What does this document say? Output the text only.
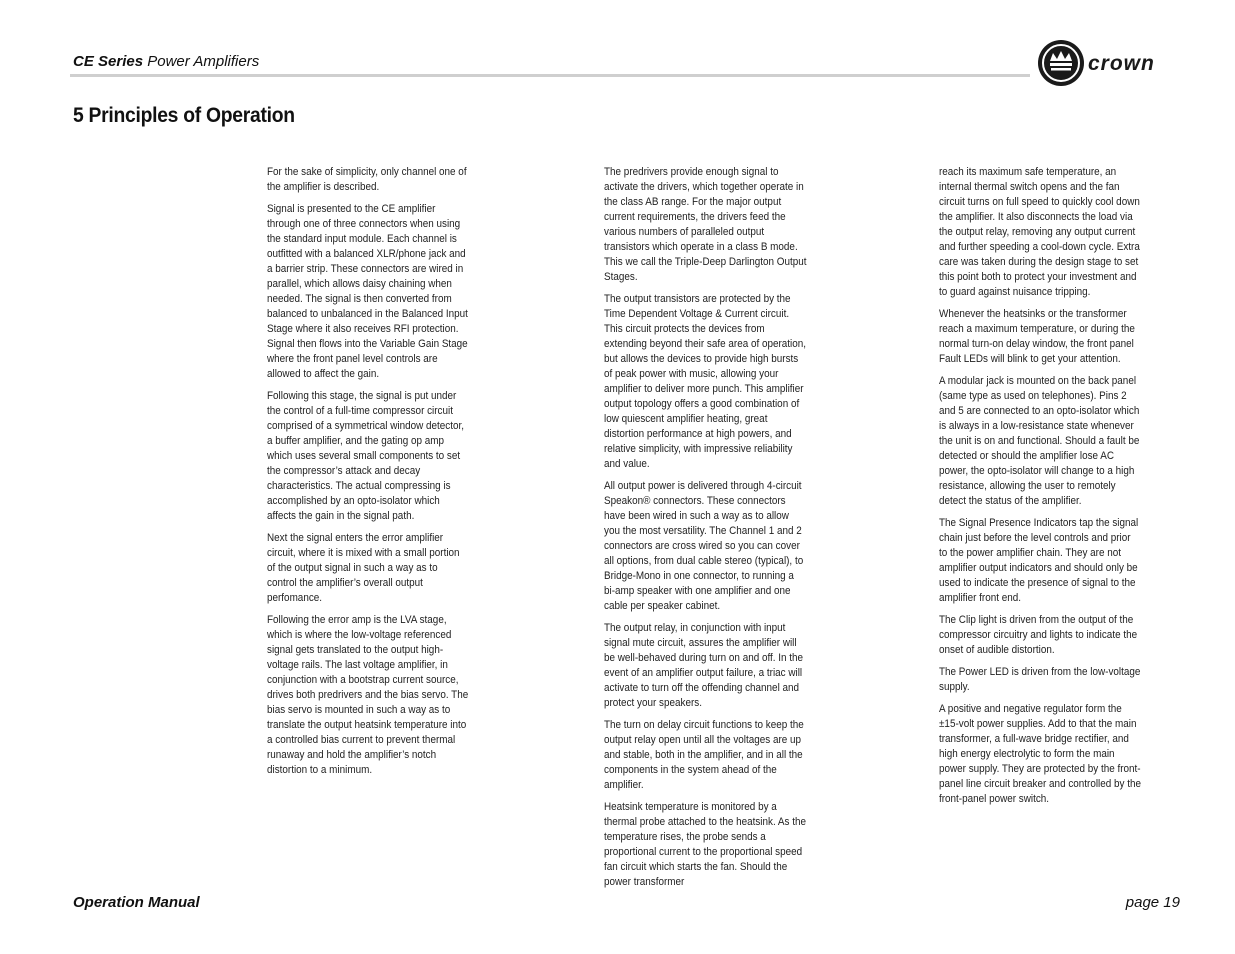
CE Series Power Amplifiers	crown
5 Principles of Operation

For the sake of simplicity, only channel one of the amplifier is described.

Signal is presented to the CE amplifier through one of three connectors when using the standard input module. Each channel is outfitted with a balanced XLR/phone jack and a barrier strip. These connectors are wired in parallel, which allows daisy chaining when needed. The signal is then converted from balanced to unbalanced in the Balanced Input Stage where it also receives RFI protection. Signal then flows into the Variable Gain Stage where the front panel level controls are allowed to affect the gain.

Following this stage, the signal is put under the control of a full-time compressor circuit comprised of a symmetrical window detector, a buffer amplifier, and the gating op amp which uses several small components to set the compressor’s attack and decay characteristics. The actual compressing is accomplished by an opto-isolator which affects the gain in the signal path.

Next the signal enters the error amplifier circuit, where it is mixed with a small portion of the output signal in such a way as to control the amplifier’s overall output perfomance.

Following the error amp is the LVA stage, which is where the low-voltage referenced signal gets translated to the output high-voltage rails. The last voltage amplifier, in conjunction with a bootstrap current source, drives both predrivers and the bias servo. The bias servo is mounted in such a way as to translate the output heatsink temperature into a controlled bias current to prevent thermal runaway and hold the amplifier’s notch distortion to a minimum.

The predrivers provide enough signal to activate the drivers, which together operate in the class AB range. For the major output current requirements, the drivers feed the various numbers of paralleled output transistors which operate in a class B mode. This we call the Triple-Deep Darlington Output Stages.

The output transistors are protected by the Time Dependent Voltage & Current circuit. This circuit protects the devices from extending beyond their safe area of operation, but allows the devices to provide high bursts of peak power with music, allowing your amplifier to deliver more punch. This amplifier output topology offers a good combination of low quiescent amplifier heating, great distortion performance at high powers, and relative simplicity, with impressive reliability and value.

All output power is delivered through 4-circuit Speakon® connectors. These connectors have been wired in such a way as to allow you the most versatility. The Channel 1 and 2 connectors are cross wired so you can cover all options, from dual cable stereo (typical), to Bridge-Mono in one connector, to running a bi-amp speaker with one amplifier and one cable per speaker cabinet.

The output relay, in conjunction with input signal mute circuit, assures the amplifier will be well-behaved during turn on and off. In the event of an amplifier output failure, a triac will activate to turn off the offending channel and protect your speakers.

The turn on delay circuit functions to keep the output relay open until all the voltages are up and stable, both in the amplifier, and in all the components in the system ahead of the amplifier.

Heatsink temperature is monitored by a thermal probe attached to the heatsink. As the temperature rises, the probe sends a proportional current to the proportional speed fan circuit which starts the fan. Should the power transformer

reach its maximum safe temperature, an internal thermal switch opens and the fan circuit turns on full speed to quickly cool down the amplifier. It also disconnects the load via the output relay, removing any output current and further speeding a cool-down cycle. Extra care was taken during the design stage to set this point both to protect your investment and to guard against nuisance tripping.

Whenever the heatsinks or the transformer reach a maximum temperature, or during the normal turn-on delay window, the front panel Fault LEDs will blink to get your attention.

A modular jack is mounted on the back panel (same type as used on telephones). Pins 2 and 5 are connected to an opto-isolator which is always in a low-resistance state whenever the unit is on and functional. Should a fault be detected or should the amplifier lose AC power, the opto-isolator will change to a high resistance, allowing the user to remotely detect the status of the amplifier.

The Signal Presence Indicators tap the signal chain just before the level controls and prior to the power amplifier chain. They are not amplifier output indicators and should only be used to indicate the presence of signal to the amplifier front end.

The Clip light is driven from the output of the compressor circuitry and lights to indicate the onset of audible distortion.

The Power LED is driven from the low-voltage supply.

A positive and negative regulator form the ±15-volt power supplies. Add to that the main transformer, a full-wave bridge rectifier, and high energy electrolytic to form the main power supply. They are protected by the front-panel line circuit breaker and controlled by the front-panel power switch.

Operation Manual	page 19
